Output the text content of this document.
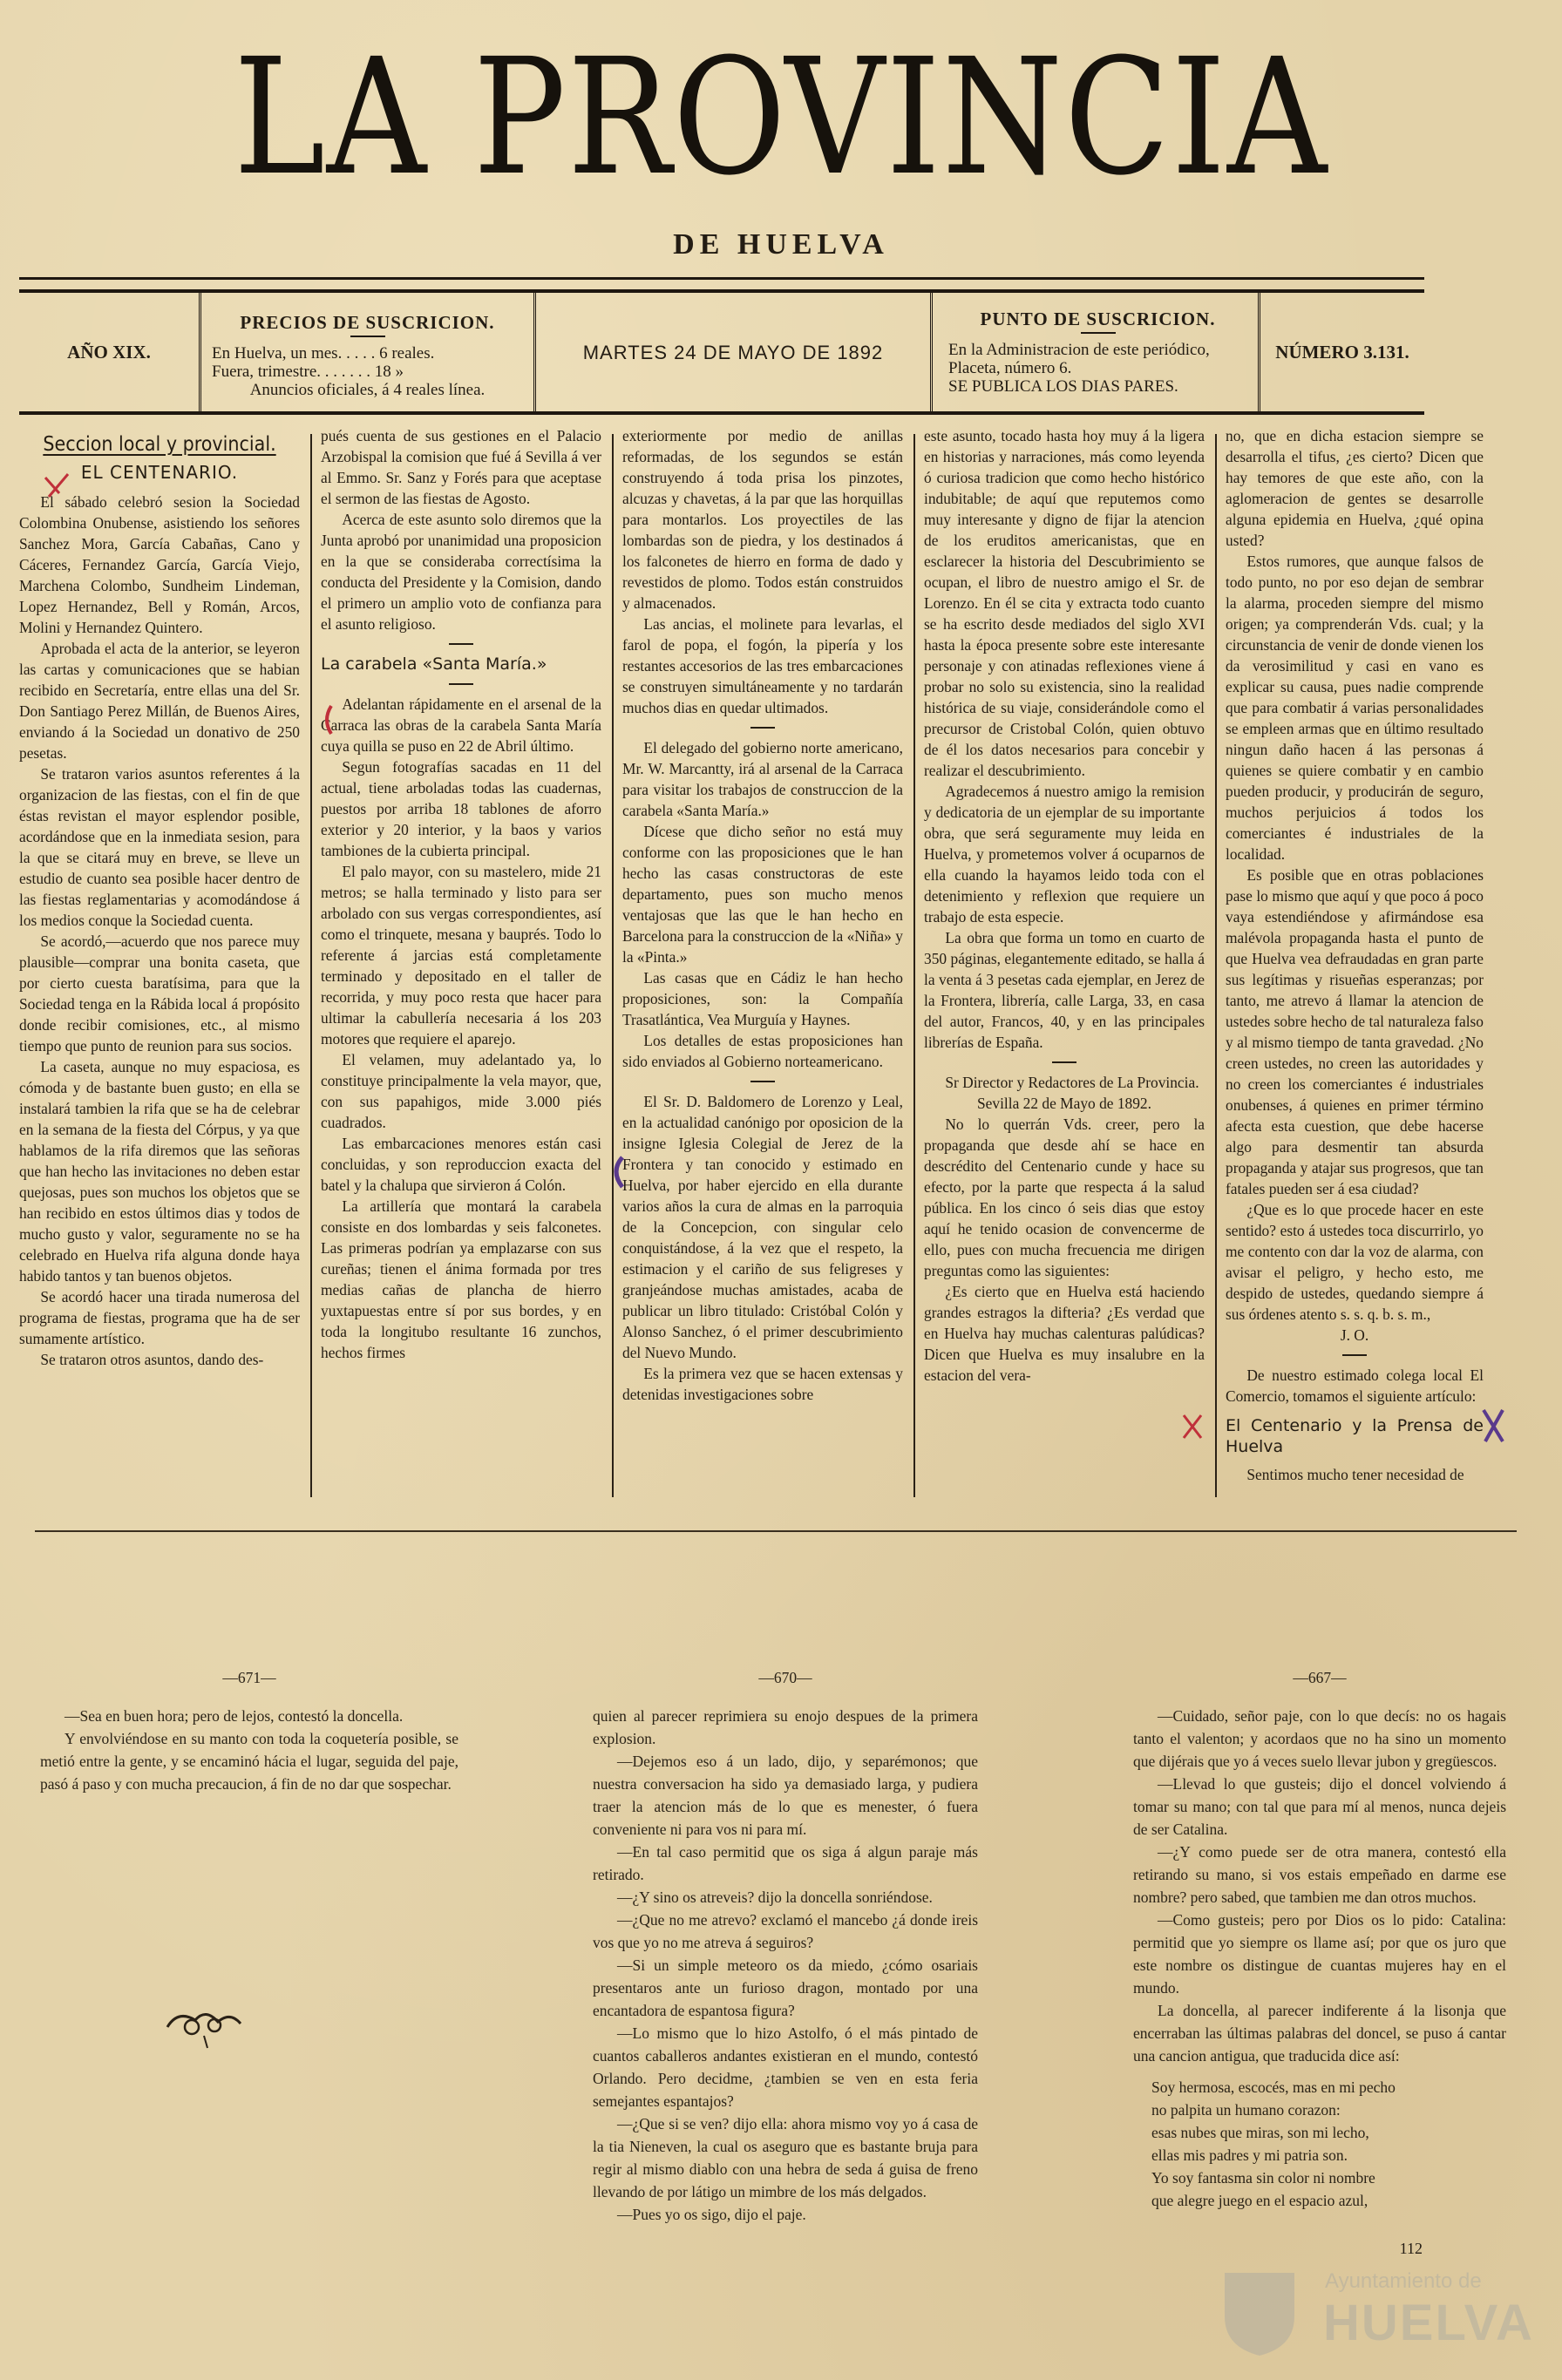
LA PROVINCIA
DE HUELVA
AÑO XIX.
PRECIOS DE SUSCRICION.
En Huelva, un mes. . . . . 6 reales.
Fuera, trimestre. . . . . . . 18 »
Anuncios oficiales, á 4 reales línea.
MARTES 24 DE MAYO DE 1892
PUNTO DE SUSCRICION.
En la Administracion de este periódico,
Placeta, número 6.
SE PUBLICA LOS DIAS PARES.
NÚMERO 3.131.
Seccion local y provincial.
EL CENTENARIO.

El sábado celebró sesion la Sociedad Colombina Onubense, asistiendo los señores Sanchez Mora, García Cabañas, Cano y Cáceres, Fernandez García, García Viejo, Marchena Colombo, Sundheim Lindeman, Lopez Hernandez, Bell y Román, Arcos, Molini y Hernandez Quintero.

Aprobada el acta de la anterior, se leyeron las cartas y comunicaciones que se habian recibido en Secretaría, entre ellas una del Sr. Don Santiago Perez Millán, de Buenos Aires, enviando á la Sociedad un donativo de 250 pesetas.

Se trataron varios asuntos referentes á la organizacion de las fiestas, con el fin de que éstas revistan el mayor esplendor posible, acordándose que en la inmediata sesion, para la que se citará muy en breve, se lleve un estudio de cuanto sea posible hacer dentro de las fiestas reglamentarias y acomodándose á los medios conque la Sociedad cuenta.

Se acordó,—acuerdo que nos parece muy plausible—comprar una bonita caseta, que por cierto cuesta baratísima, para que la Sociedad tenga en la Rábida local á propósito donde recibir comisiones, etc., al mismo tiempo que punto de reunion para sus socios.

La caseta, aunque no muy espaciosa, es cómoda y de bastante buen gusto; en ella se instalará tambien la rifa que se ha de celebrar en la semana de la fiesta del Córpus, y ya que hablamos de la rifa diremos que las señoras que han hecho las invitaciones no deben estar quejosas, pues son muchos los objetos que se han recibido en estos últimos dias y todos de mucho gusto y valor, seguramente no se ha celebrado en Huelva rifa alguna donde haya habido tantos y tan buenos objetos.

Se acordó hacer una tirada numerosa del programa de fiestas, programa que ha de ser sumamente artístico.

Se trataron otros asuntos, dando des-

pués cuenta de sus gestiones en el Palacio Arzobispal la comision que fué á Sevilla á ver al Emmo. Sr. Sanz y Forés para que aceptase el sermon de las fiestas de Agosto.

Acerca de este asunto solo diremos que la Junta aprobó por unanimidad una proposicion en la que se consideraba correctísima la conducta del Presidente y la Comision, dando el primero un amplio voto de confianza para el asunto religioso.

La carabela «Santa María.»

Adelantan rápidamente en el arsenal de la Carraca las obras de la carabela Santa María cuya quilla se puso en 22 de Abril último.

Segun fotografías sacadas en 11 del actual, tiene arboladas todas las cuadernas, puestos por arriba 18 tablones de aforro exterior y 20 interior, y la baos y varios tambiones de la cubierta principal.

El palo mayor, con su mastelero, mide 21 metros; se halla terminado y listo para ser arbolado con sus vergas correspondientes, así como el trinquete, mesana y bauprés. Todo lo referente á jarcias está completamente terminado y depositado en el taller de recorrida, y muy poco resta que hacer para ultimar la cabullería necesaria á los 203 motores que requiere el aparejo.

El velamen, muy adelantado ya, lo constituye principalmente la vela mayor, que, con sus papahigos, mide 3.000 piés cuadrados.

Las embarcaciones menores están casi concluidas, y son reproduccion exacta del batel y la chalupa que sirvieron á Colón.

La artillería que montará la carabela consiste en dos lombardas y seis falconetes. Las primeras podrían ya emplazarse con sus cureñas; tienen el ánima formada por tres medias cañas de plancha de hierro yuxtapuestas entre sí por sus bordes, y en toda la longitubo resultante 16 zunchos, hechos firmes

exteriormente por medio de anillas reformadas, de los segundos se están construyendo á toda prisa los pinzotes, alcuzas y chavetas, á la par que las horquillas para montarlos. Los proyectiles de las lombardas son de piedra, y los destinados á los falconetes de hierro en forma de dado y revestidos de plomo. Todos están construidos y almacenados.

Las ancias, el molinete para levarlas, el farol de popa, el fogón, la pipería y los restantes accesorios de las tres embarcaciones se construyen simultáneamente y no tardarán muchos dias en quedar ultimados.

El delegado del gobierno norte americano, Mr. W. Marcantty, irá al arsenal de la Carraca para visitar los trabajos de construccion de la carabela «Santa María.»

Dícese que dicho señor no está muy conforme con las proposiciones que le han hecho las casas constructoras de este departamento, pues son mucho menos ventajosas que las que le han hecho en Barcelona para la construccion de la «Niña» y la «Pinta.»

Las casas que en Cádiz le han hecho proposiciones, son: la Compañía Trasatlántica, Vea Murguía y Haynes.

Los detalles de estas proposiciones han sido enviados al Gobierno norteamericano.

El Sr. D. Baldomero de Lorenzo y Leal, en la actualidad canónigo por oposicion de la insigne Iglesia Colegial de Jerez de la Frontera y tan conocido y estimado en Huelva, por haber ejercido en ella durante varios años la cura de almas en la parroquia de la Concepcion, con singular celo conquistándose, á la vez que el respeto, la estimacion y el cariño de sus feligreses y granjeándose muchas amistades, acaba de publicar un libro titulado: Cristóbal Colón y Alonso Sanchez, ó el primer descubrimiento del Nuevo Mundo.

Es la primera vez que se hacen extensas y detenidas investigaciones sobre

este asunto, tocado hasta hoy muy á la ligera en historias y narraciones, más como leyenda ó curiosa tradicion que como hecho histórico indubitable; de aquí que reputemos como muy interesante y digno de fijar la atencion de los eruditos americanistas, que en esclarecer la historia del Descubrimiento se ocupan, el libro de nuestro amigo el Sr. de Lorenzo. En él se cita y extracta todo cuanto se ha escrito desde mediados del siglo XVI hasta la época presente sobre este interesante personaje y con atinadas reflexiones viene á probar no solo su existencia, sino la realidad histórica de su viaje, considerándole como el precursor de Cristobal Colón, quien obtuvo de él los datos necesarios para concebir y realizar el descubrimiento.

Agradecemos á nuestro amigo la remision y dedicatoria de un ejemplar de su importante obra, que será seguramente muy leida en Huelva, y prometemos volver á ocuparnos de ella cuando la hayamos leido toda con el detenimiento y reflexion que requiere un trabajo de esta especie.

La obra que forma un tomo en cuarto de 350 páginas, elegantemente editado, se halla á la venta á 3 pesetas cada ejemplar, en Jerez de la Frontera, librería, calle Larga, 33, en casa del autor, Francos, 40, y en las principales librerías de España.

Sr Director y Redactores de La Provincia.

Sevilla 22 de Mayo de 1892.

No lo querrán Vds. creer, pero la propaganda que desde ahí se hace en descrédito del Centenario cunde y hace su efecto, por la parte que respecta á la salud pública. En los cinco ó seis dias que estoy aquí he tenido ocasion de convencerme de ello, pues con mucha frecuencia me dirigen preguntas como las siguientes:

¿Es cierto que en Huelva está haciendo grandes estragos la difteria? ¿Es verdad que en Huelva hay muchas calenturas palúdicas? Dicen que Huelva es muy insalubre en la estacion del vera-

no, que en dicha estacion siempre se desarrolla el tifus, ¿es cierto? Dicen que hay temores de que este año, con la aglomeracion de gentes se desarrolle alguna epidemia en Huelva, ¿qué opina usted?

Estos rumores, que aunque falsos de todo punto, no por eso dejan de sembrar la alarma, proceden siempre del mismo origen; ya comprenderán Vds. cual; y la circunstancia de venir de donde vienen los da verosimilitud y casi en vano es explicar su causa, pues nadie comprende que para combatir á varias personalidades se empleen armas que en último resultado ningun daño hacen á las personas á quienes se quiere combatir y en cambio pueden producir, y producirán de seguro, muchos perjuicios á todos los comerciantes é industriales de la localidad.

Es posible que en otras poblaciones pase lo mismo que aquí y que poco á poco vaya estendiéndose y afirmándose esa malévola propaganda hasta el punto de que Huelva vea defraudadas en gran parte sus legítimas y risueñas esperanzas; por tanto, me atrevo á llamar la atencion de ustedes sobre hecho de tal naturaleza falso y al mismo tiempo de tanta gravedad. ¿No creen ustedes, no creen las autoridades y no creen los comerciantes é industriales onubenses, á quienes en primer término afecta esta cuestion, que debe hacerse algo para desmentir tan absurda propaganda y atajar sus progresos, que tan fatales pueden ser á esa ciudad?

¿Que es lo que procede hacer en este sentido? esto á ustedes toca discurrirlo, yo me contento con dar la voz de alarma, con avisar el peligro, y hecho esto, me despido de ustedes, quedando siempre á sus órdenes atento s. s. q. b. s. m.,

J. O.

De nuestro estimado colega local El Comercio, tomamos el siguiente artículo:

El Centenario y la Prensa de Huelva

Sentimos mucho tener necesidad de

—671—

—Sea en buen hora; pero de lejos, contestó la doncella.

Y envolviéndose en su manto con toda la coquetería posible, se metió entre la gente, y se encaminó hácia el lugar, seguida del paje, pasó á paso y con mucha precaucion, á fin de no dar que sospechar.

—670—

quien al parecer reprimiera su enojo despues de la primera explosion.

—Dejemos eso á un lado, dijo, y separémonos; que nuestra conversacion ha sido ya demasiado larga, y pudiera traer la atencion más de lo que es menester, ó fuera conveniente ni para vos ni para mí.

—En tal caso permitid que os siga á algun paraje más retirado.

—¿Y sino os atreveis? dijo la doncella sonriéndose.

—¿Que no me atrevo? exclamó el mancebo ¿á donde ireis vos que yo no me atreva á seguiros?

—Si un simple meteoro os da miedo, ¿cómo osariais presentaros ante un furioso dragon, montado por una encantadora de espantosa figura?

—Lo mismo que lo hizo Astolfo, ó el más pintado de cuantos caballeros andantes existieran en el mundo, contestó Orlando. Pero decidme, ¿tambien se ven en esta feria semejantes espantajos?

—¿Que si se ven? dijo ella: ahora mismo voy yo á casa de la tia Nieneven, la cual os aseguro que es bastante bruja para regir al mismo diablo con una hebra de seda á guisa de freno llevando de por látigo un mimbre de los más delgados.

—Pues yo os sigo, dijo el paje.

—667—

—Cuidado, señor paje, con lo que decís: no os hagais tanto el valenton; y acordaos que no ha sino un momento que dijérais que yo á veces suelo llevar jubon y gregüescos.

—Llevad lo que gusteis; dijo el doncel volviendo á tomar su mano; con tal que para mí al menos, nunca dejeis de ser Catalina.

—¿Y como puede ser de otra manera, contestó ella retirando su mano, si vos estais empeñado en darme ese nombre? pero sabed, que tambien me dan otros muchos.

—Como gusteis; pero por Dios os lo pido: Catalina: permitid que yo siempre os llame así; por que os juro que este nombre os distingue de cuantas mujeres hay en el mundo.

La doncella, al parecer indiferente á la lisonja que encerraban las últimas palabras del doncel, se puso á cantar una cancion antigua, que traducida dice así:

Soy hermosa, escocés, mas en mi pecho

no palpita un humano corazon:

esas nubes que miras, son mi lecho,

ellas mis padres y mi patria son.

Yo soy fantasma sin color ni nombre

que alegre juego en el espacio azul,

112
Ayuntamiento de
HUELVA
